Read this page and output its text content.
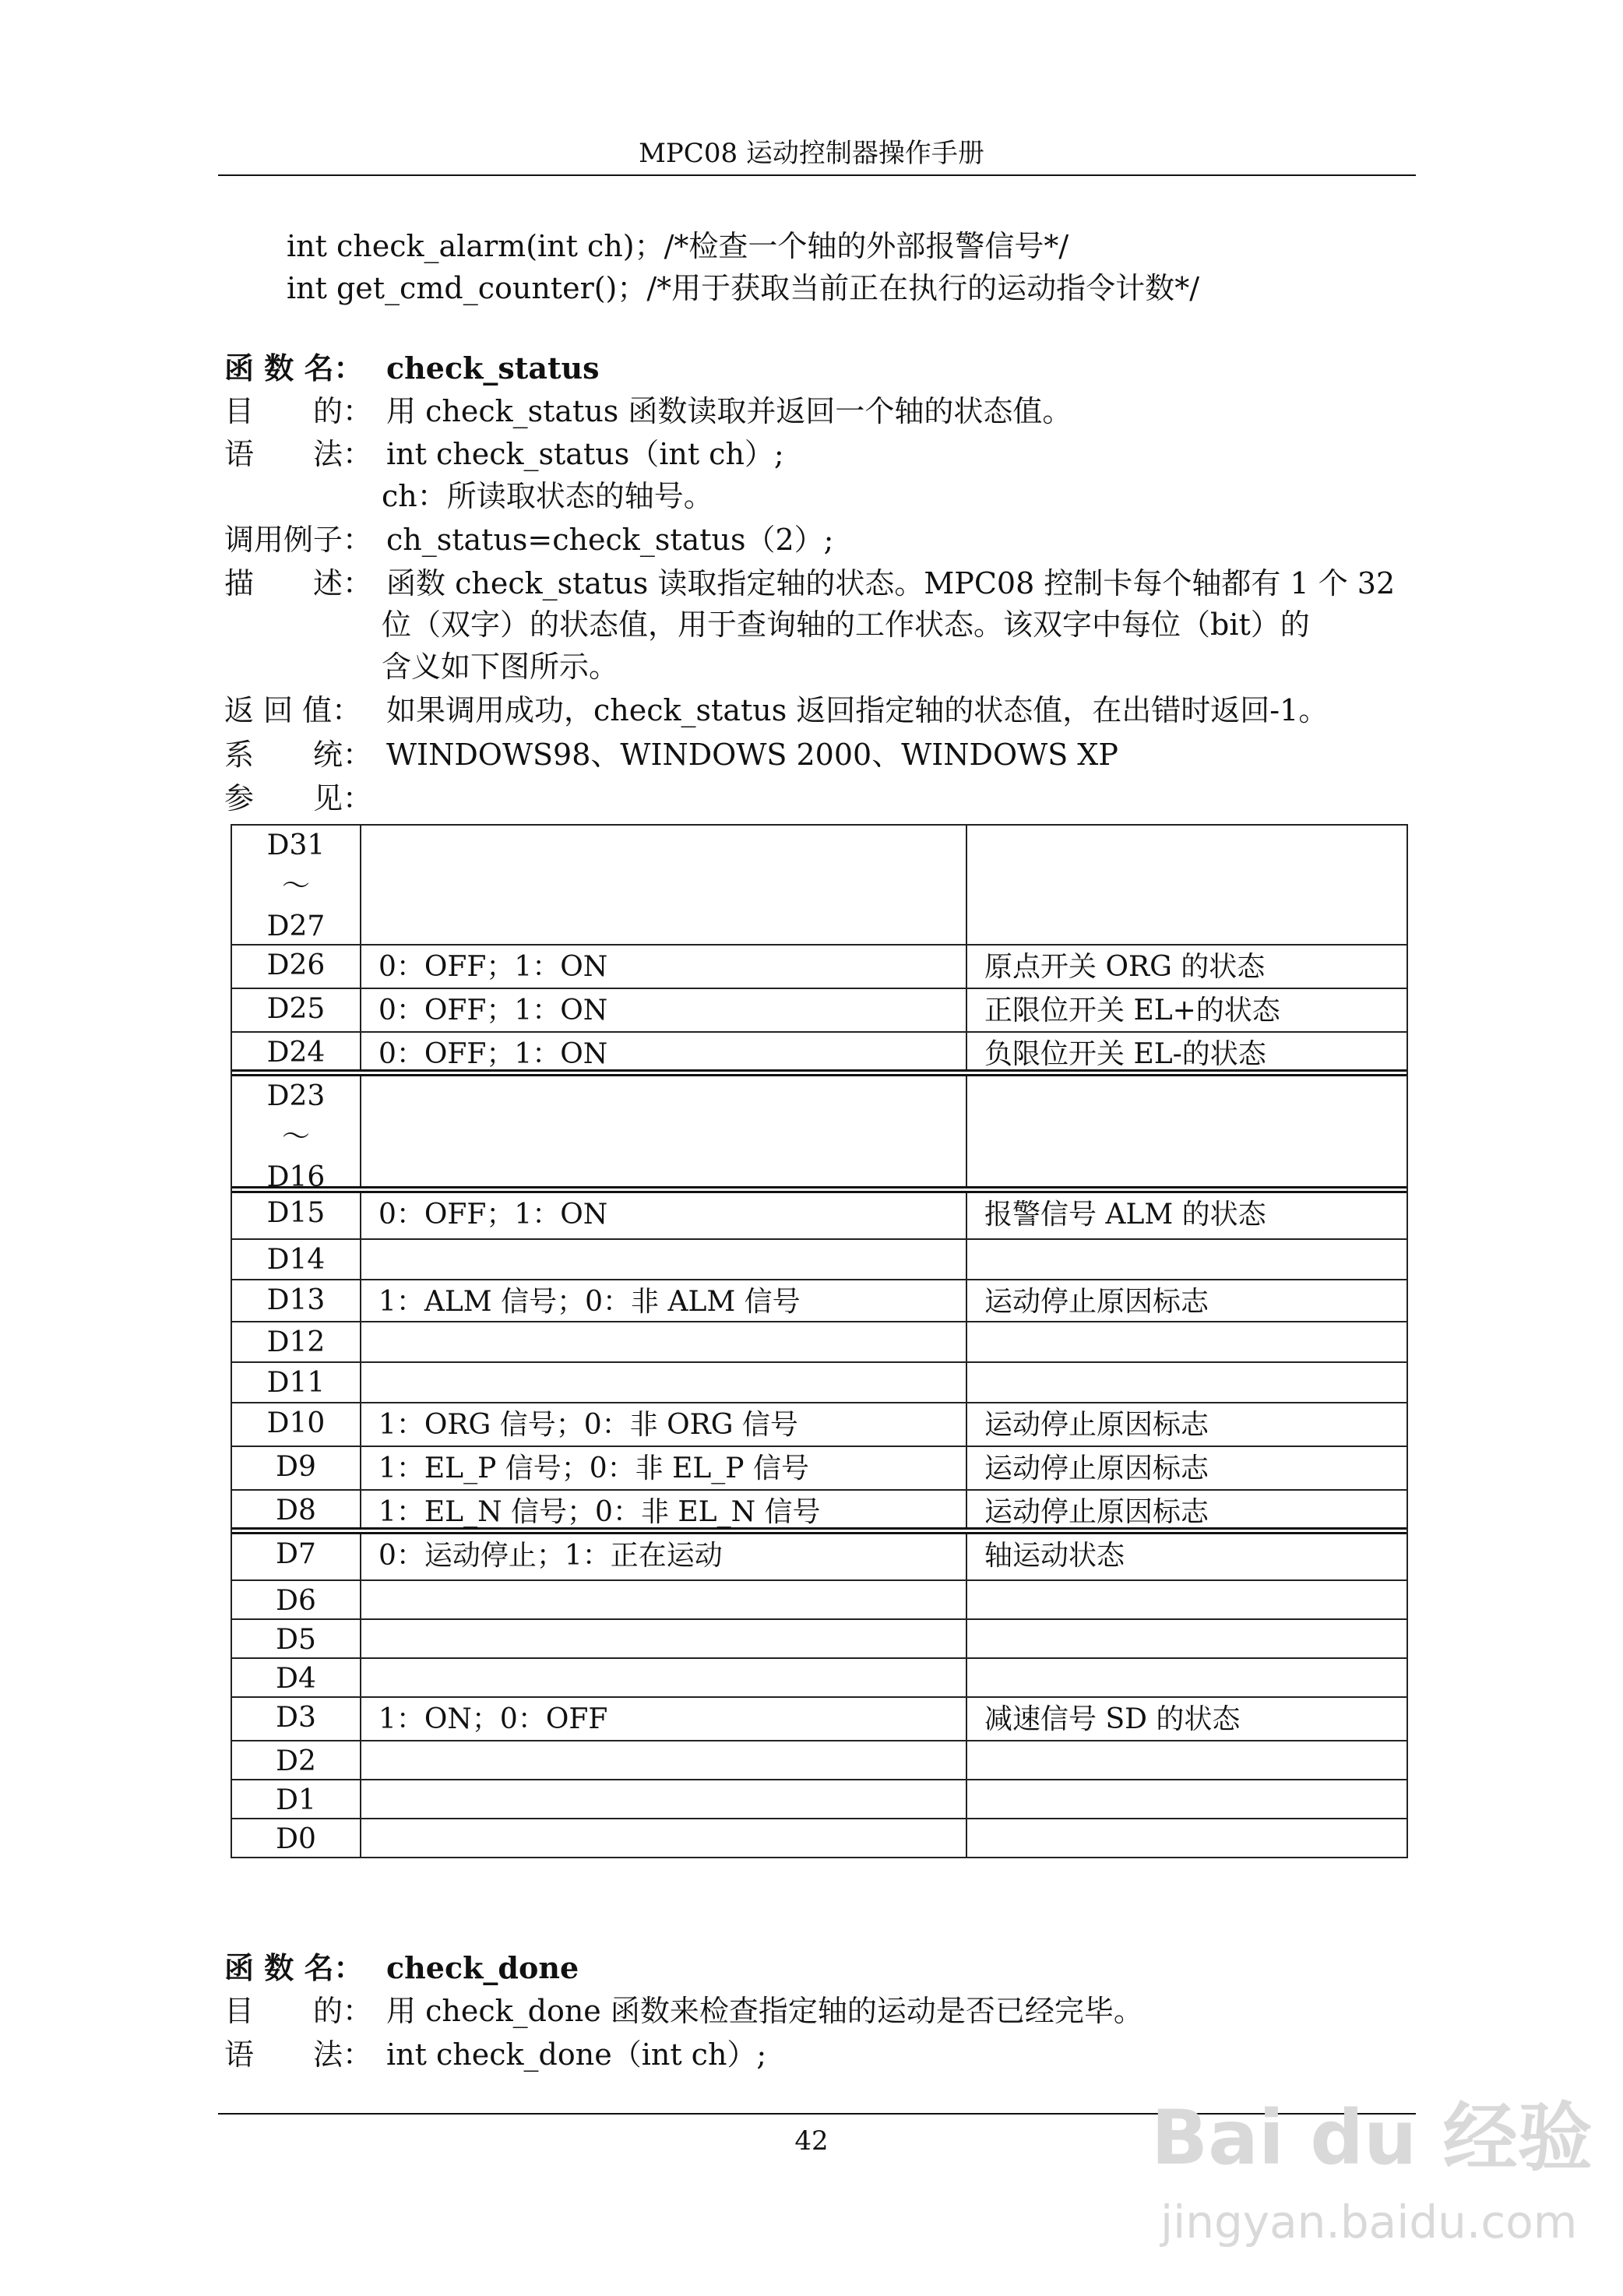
MPC08 运动控制器操作手册
int check_alarm(int ch)；/*检查一个轴的外部报警信号*/
int get_cmd_counter()；/*用于获取当前正在执行的运动指令计数*/
函 数 名： check_status
目　　的： 用 check_status 函数读取并返回一个轴的状态值。
语　　法： int check_status（int ch）;
ch：所读取状态的轴号。
调用例子： ch_status=check_status（2）;
描　　述： 函数 check_status 读取指定轴的状态。MPC08 控制卡每个轴都有 1 个 32
位（双字）的状态值，用于查询轴的工作状态。该双字中每位（bit）的
含义如下图所示。
返 回 值： 如果调用成功，check_status 返回指定轴的状态值，在出错时返回-1。
系　　统： WINDOWS98、WINDOWS 2000、WINDOWS XP
参　　见：
D31
～
D27
D26	0：OFF；1：ON	原点开关 ORG 的状态
D25	0：OFF；1：ON	正限位开关 EL+的状态
D24	0：OFF；1：ON	负限位开关 EL-的状态
D23
～
D16
D15	0：OFF；1：ON	报警信号 ALM 的状态
D14
D13	1：ALM 信号；0：非 ALM 信号	运动停止原因标志
D12
D11
D10	1：ORG 信号；0：非 ORG 信号	运动停止原因标志
D9	1：EL_P 信号；0：非 EL_P 信号	运动停止原因标志
D8	1：EL_N 信号；0：非 EL_N 信号	运动停止原因标志
D7	0：运动停止；1：正在运动	轴运动状态
D6
D5
D4
D3	1：ON；0：OFF	减速信号 SD 的状态
D2
D1
D0
函 数 名： check_done
目　　的： 用 check_done 函数来检查指定轴的运动是否已经完毕。
语　　法： int check_done（int ch）;
42	Bai du 经验
jingyan.baidu.com
